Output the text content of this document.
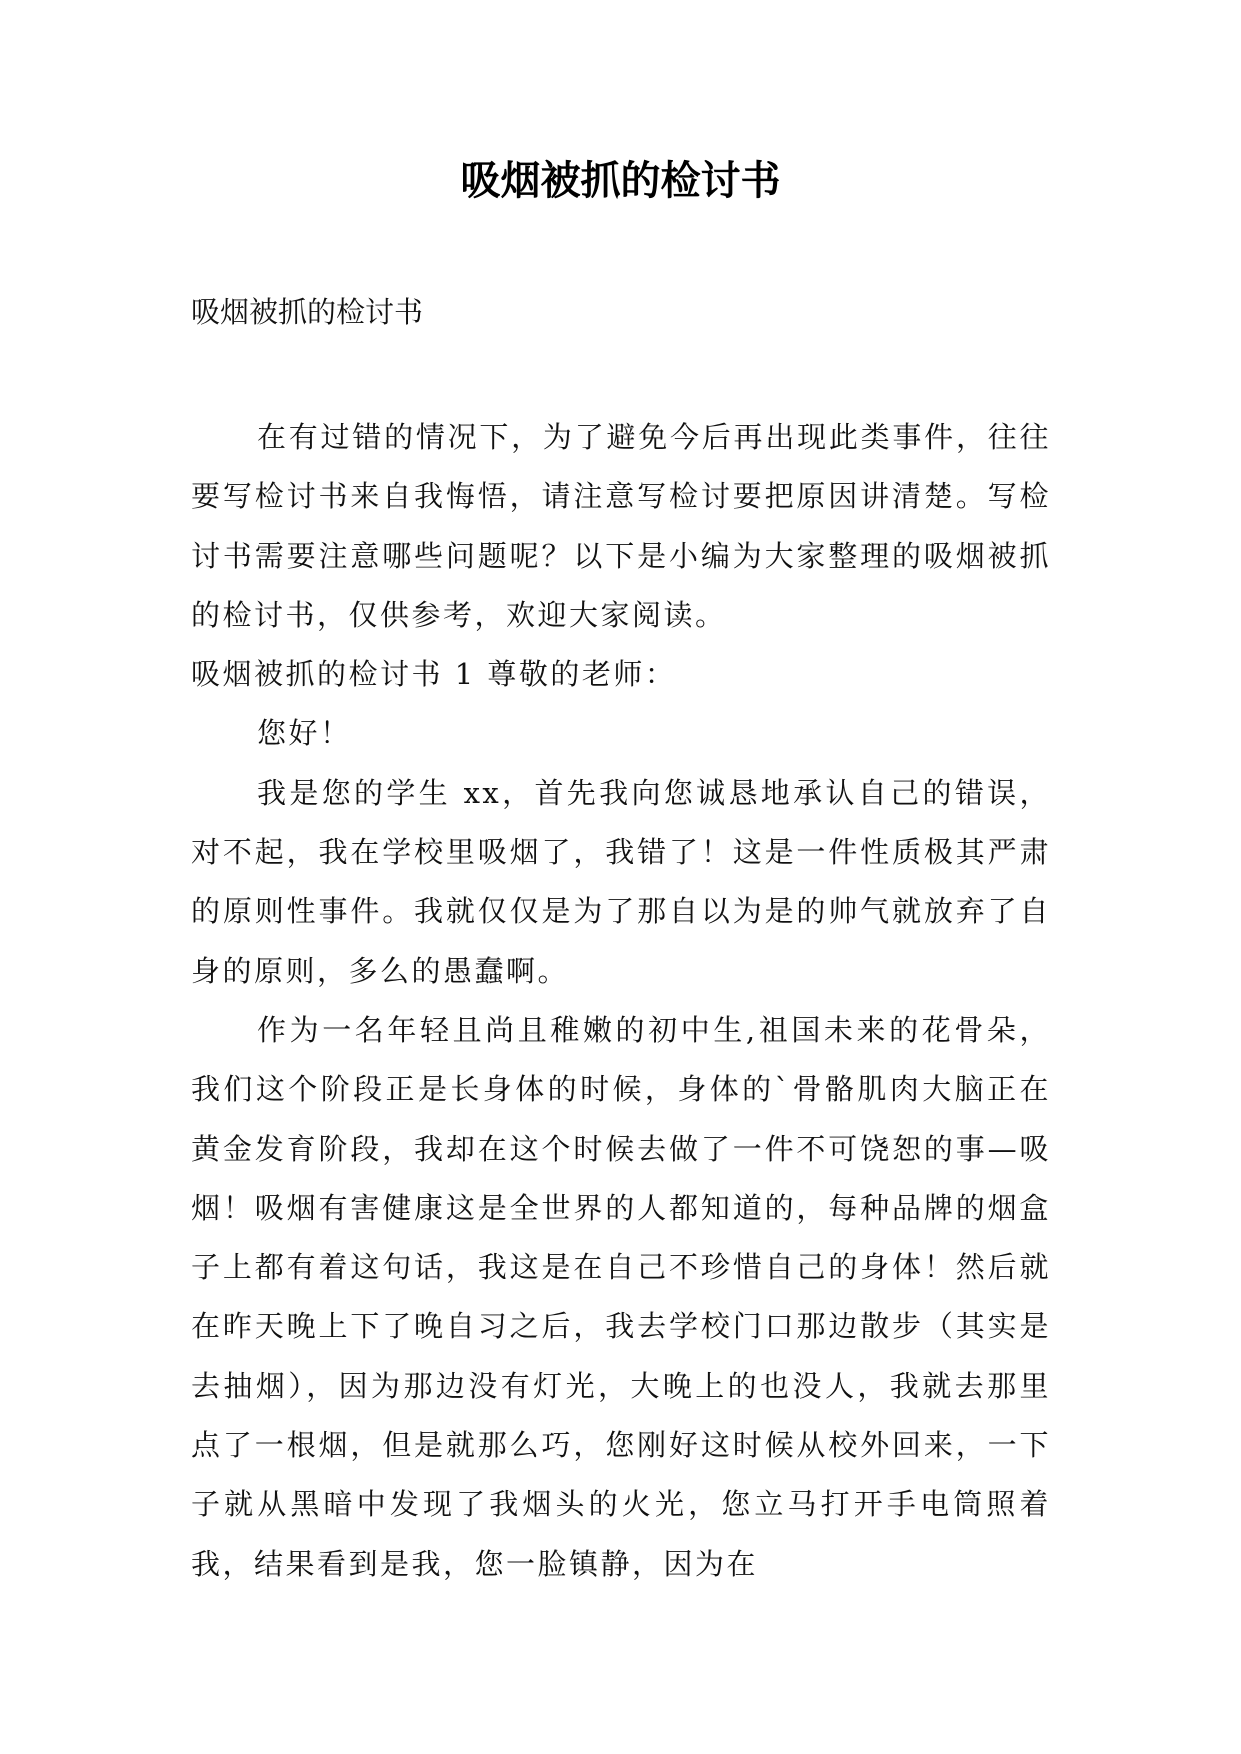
吸烟被抓的检讨书
吸烟被抓的检讨书

在有过错的情况下，为了避免今后再出现此类事件，往往要写检讨书来自我悔悟，请注意写检讨要把原因讲清楚。写检讨书需要注意哪些问题呢？以下是小编为大家整理的吸烟被抓的检讨书，仅供参考，欢迎大家阅读。

吸烟被抓的检讨书 1 尊敬的老师：

您好！

我是您的学生 xx，首先我向您诚恳地承认自己的错误，对不起，我在学校里吸烟了，我错了！这是一件性质极其严肃的原则性事件。我就仅仅是为了那自以为是的帅气就放弃了自身的原则，多么的愚蠢啊。

作为一名年轻且尚且稚嫩的初中生,祖国未来的花骨朵，我们这个阶段正是长身体的时候，身体的`骨骼肌肉大脑正在黄金发育阶段，我却在这个时候去做了一件不可饶恕的事—吸烟！吸烟有害健康这是全世界的人都知道的，每种品牌的烟盒子上都有着这句话，我这是在自己不珍惜自己的身体！然后就在昨天晚上下了晚自习之后，我去学校门口那边散步（其实是去抽烟），因为那边没有灯光，大晚上的也没人，我就去那里点了一根烟，但是就那么巧，您刚好这时候从校外回来，一下子就从黑暗中发现了我烟头的火光，您立马打开手电筒照着我，结果看到是我，您一脸镇静，因为在
